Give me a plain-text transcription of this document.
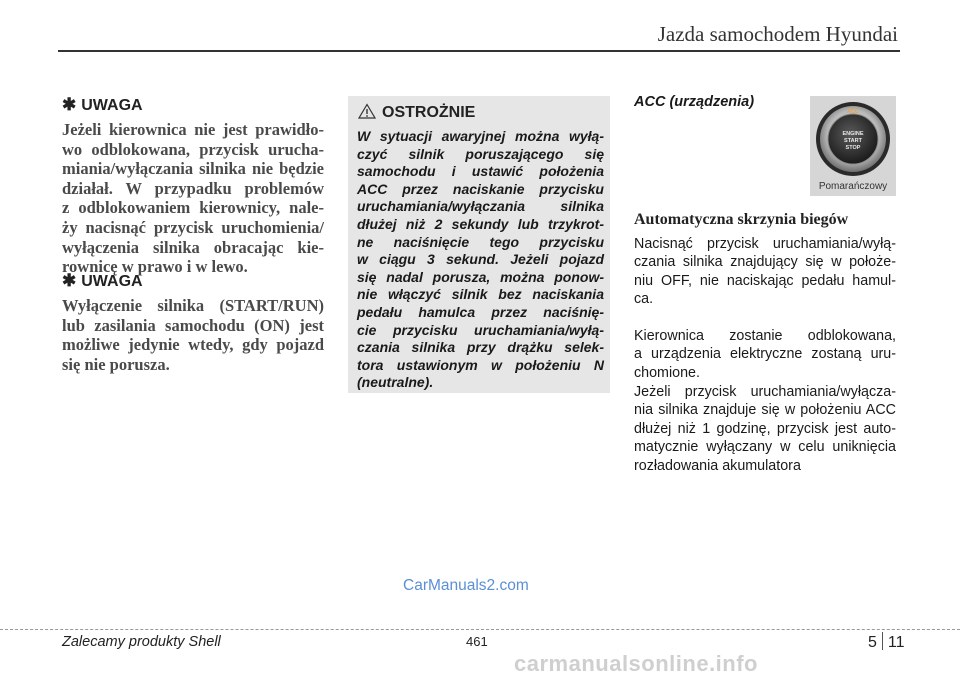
Jazda samochodem Hyundai
✱ UWAGA
Jeżeli kierownica nie jest prawidło-
wo odblokowana, przycisk urucha-
miania/wyłączania silnika nie będzie
działał. W przypadku problemów
z odblokowaniem kierownicy, nale-
ży nacisnąć przycisk uruchomienia/
wyłączenia silnika obracając kie-
rownicę w prawo i w lewo.
✱ UWAGA
Wyłączenie silnika (START/RUN)
lub zasilania samochodu (ON) jest
możliwe jedynie wtedy, gdy pojazd
się nie porusza.
OSTROŻNIE
W sytuacji awaryjnej można wyłą-
czyć silnik poruszającego się
samochodu i ustawić położenia
ACC przez naciskanie przycisku
uruchamiania/wyłączania silnika
dłużej niż 2 sekundy lub trzykrot-
ne naciśnięcie tego przycisku
w ciągu 3 sekund. Jeżeli pojazd
się nadal porusza, można ponow-
nie włączyć silnik bez naciskania
pedału hamulca przez naciśnię-
cie przycisku uruchamiania/wyłą-
czania silnika przy drążku selek-
tora ustawionym w położeniu N
(neutralne).
ACC (urządzenia)
ACC
ENGINE
START
STOP
Pomarańczowy
Automatyczna skrzynia biegów
Nacisnąć przycisk uruchamiania/wyłą-
czania silnika znajdujący się w położe-
niu OFF, nie naciskając pedału hamul-
ca.
Kierownica zostanie odblokowana,
a urządzenia elektryczne zostaną uru-
chomione.
Jeżeli przycisk uruchamiania/wyłącza-
nia silnika znajduje się w położeniu ACC
dłużej niż 1 godzinę, przycisk jest auto-
matycznie wyłączany w celu uniknięcia
rozładowania akumulatora
CarManuals2.com
Zalecamy produkty Shell	461	5 11
carmanualsonline.info
